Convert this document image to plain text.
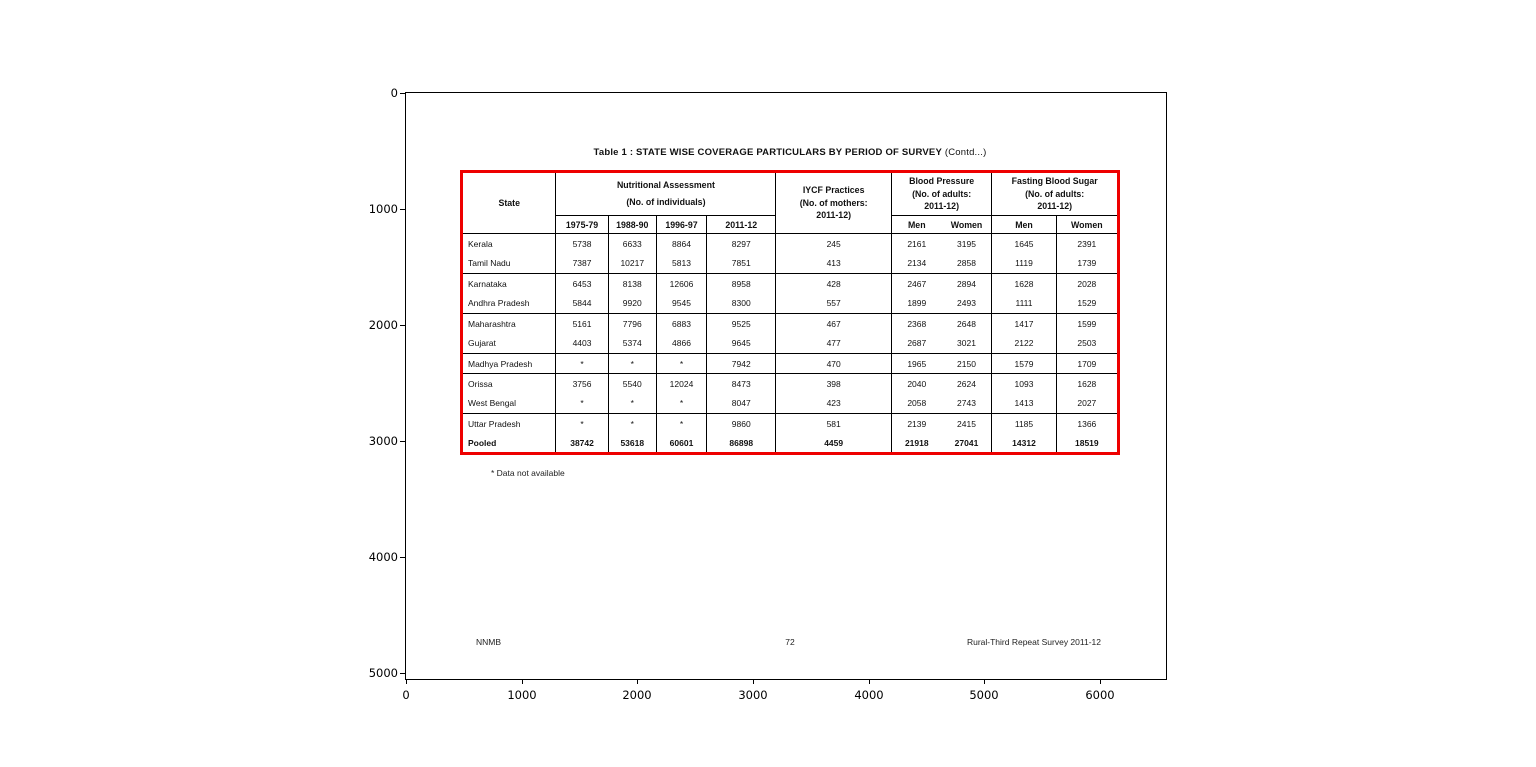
Table 1 : STATE WISE COVERAGE PARTICULARS BY PERIOD OF SURVEY (Contd...)
State	
Nutritional Assessment
(No. of individuals)

IYCF Practices
(No. of mothers:
2011-12)

Blood Pressure
(No. of adults:
2011-12)

Fasting Blood Sugar
(No. of adults:
2011-12)

	1975-79	1988-90	1996-97	2011-12		Men	Women	Men	Women
Kerala	5738	6633	8864	8297	245	2161	3195	1645	2391
Tamil Nadu	7387	10217	5813	7851	413	2134	2858	1119	1739
Karnataka	6453	8138	12606	8958	428	2467	2894	1628	2028
Andhra Pradesh	5844	9920	9545	8300	557	1899	2493	1111	1529
Maharashtra	5161	7796	6883	9525	467	2368	2648	1417	1599
Gujarat	4403	5374	4866	9645	477	2687	3021	2122	2503
Madhya Pradesh	*	*	*	7942	470	1965	2150	1579	1709
Orissa	3756	5540	12024	8473	398	2040	2624	1093	1628
West Bengal	*	*	*	8047	423	2058	2743	1413	2027
Uttar Pradesh	*	*	*	9860	581	2139	2415	1185	1366
Pooled	38742	53618	60601	86898	4459	21918	27041	14312	18519
* Data not available
NNMB	72	Rural-Third Repeat Survey 2011-12
0
1000
2000
3000
4000
5000
0	1000	2000	3000	4000	5000	6000
